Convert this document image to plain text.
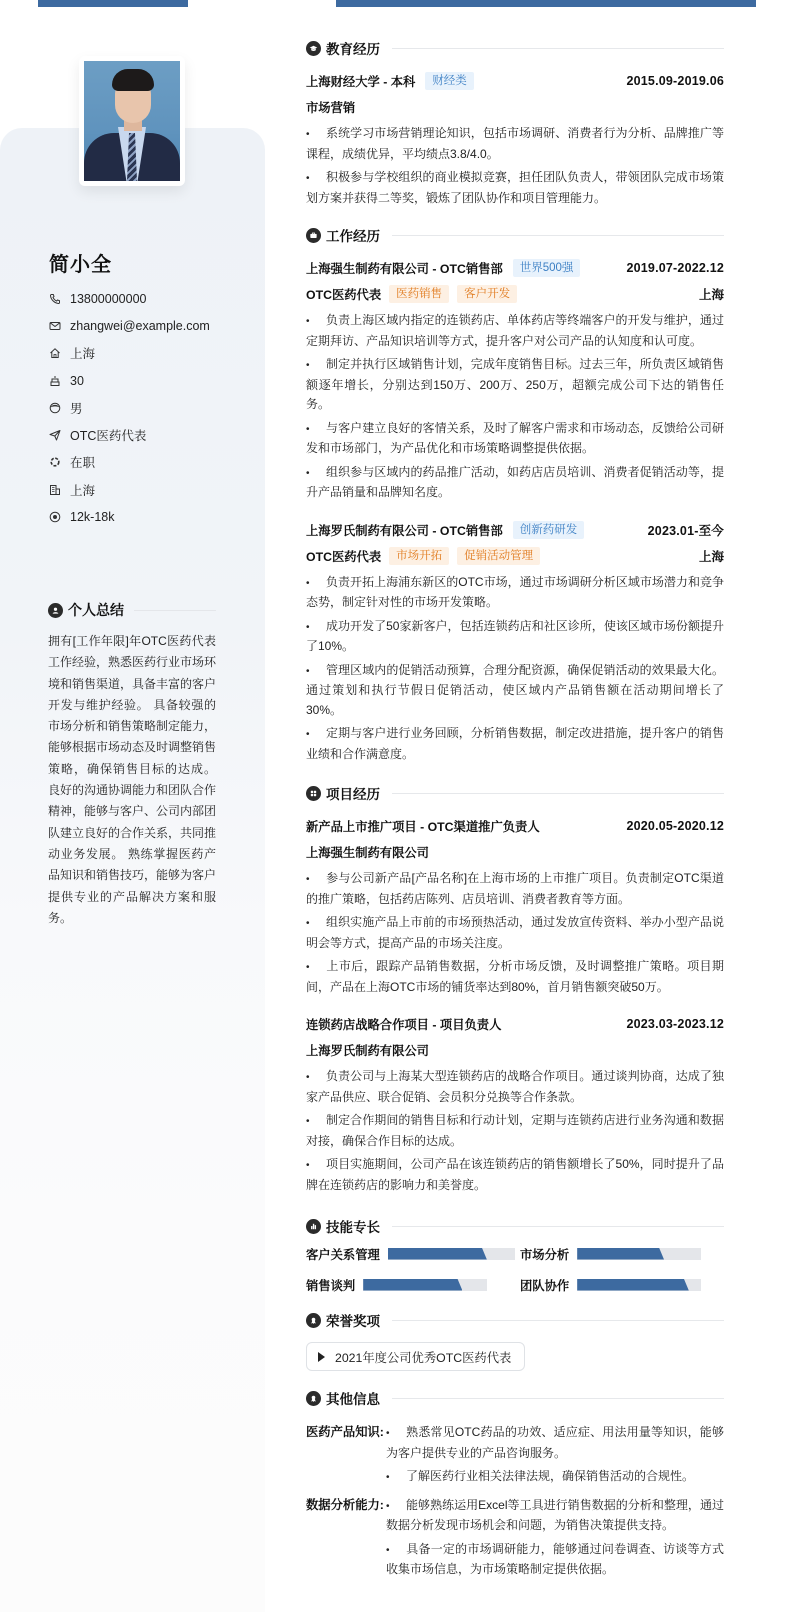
简小全
13800000000
zhangwei@example.com
上海
30
男
OTC医药代表
在职
上海
12k-18k
个人总结
拥有[工作年限]年OTC医药代表工作经验，熟悉医药行业市场环境和销售渠道，具备丰富的客户开发与维护经验。 具备较强的市场分析和销售策略制定能力，能够根据市场动态及时调整销售策略，确保销售目标的达成。 良好的沟通协调能力和团队合作精神，能够与客户、公司内部团队建立良好的合作关系，共同推动业务发展。 熟练掌握医药产品知识和销售技巧，能够为客户提供专业的产品解决方案和服务。
教育经历
上海财经大学 - 本科	财经类	2015.09-2019.06
市场营销
• 系统学习市场营销理论知识，包括市场调研、消费者行为分析、品牌推广等课程，成绩优异，平均绩点3.8/4.0。
• 积极参与学校组织的商业模拟竞赛，担任团队负责人，带领团队完成市场策划方案并获得二等奖，锻炼了团队协作和项目管理能力。
工作经历
上海强生制药有限公司 - OTC销售部	世界500强	2019.07-2022.12
OTC医药代表	医药销售	客户开发	上海
• 负责上海区域内指定的连锁药店、单体药店等终端客户的开发与维护，通过定期拜访、产品知识培训等方式，提升客户对公司产品的认知度和认可度。
• 制定并执行区域销售计划，完成年度销售目标。过去三年，所负责区域销售额逐年增长，分别达到150万、200万、250万，超额完成公司下达的销售任务。
• 与客户建立良好的客情关系，及时了解客户需求和市场动态，反馈给公司研发和市场部门，为产品优化和市场策略调整提供依据。
• 组织参与区域内的药品推广活动，如药店店员培训、消费者促销活动等，提升产品销量和品牌知名度。
上海罗氏制药有限公司 - OTC销售部	创新药研发	2023.01-至今
OTC医药代表	市场开拓	促销活动管理	上海
• 负责开拓上海浦东新区的OTC市场，通过市场调研分析区域市场潜力和竞争态势，制定针对性的市场开发策略。
• 成功开发了50家新客户，包括连锁药店和社区诊所，使该区域市场份额提升了10%。
• 管理区域内的促销活动预算，合理分配资源，确保促销活动的效果最大化。通过策划和执行节假日促销活动，使区域内产品销售额在活动期间增长了30%。
• 定期与客户进行业务回顾，分析销售数据，制定改进措施，提升客户的销售业绩和合作满意度。
项目经历
新产品上市推广项目 - OTC渠道推广负责人	2020.05-2020.12
上海强生制药有限公司
• 参与公司新产品[产品名称]在上海市场的上市推广项目。负责制定OTC渠道的推广策略，包括药店陈列、店员培训、消费者教育等方面。
• 组织实施产品上市前的市场预热活动，通过发放宣传资料、举办小型产品说明会等方式，提高产品的市场关注度。
• 上市后，跟踪产品销售数据，分析市场反馈，及时调整推广策略。项目期间，产品在上海OTC市场的铺货率达到80%，首月销售额突破50万。
连锁药店战略合作项目 - 项目负责人	2023.03-2023.12
上海罗氏制药有限公司
• 负责公司与上海某大型连锁药店的战略合作项目。通过谈判协商，达成了独家产品供应、联合促销、会员积分兑换等合作条款。
• 制定合作期间的销售目标和行动计划，定期与连锁药店进行业务沟通和数据对接，确保合作目标的达成。
• 项目实施期间，公司产品在该连锁药店的销售额增长了50%，同时提升了品牌在连锁药店的影响力和美誉度。
技能专长
客户关系管理	市场分析
销售谈判	团队协作
荣誉奖项
2021年度公司优秀OTC医药代表
其他信息
医药产品知识: • 熟悉常见OTC药品的功效、适应症、用法用量等知识，能够为客户提供专业的产品咨询服务。
• 了解医药行业相关法律法规，确保销售活动的合规性。
数据分析能力: • 能够熟练运用Excel等工具进行销售数据的分析和整理，通过数据分析发现市场机会和问题，为销售决策提供支持。
• 具备一定的市场调研能力，能够通过问卷调查、访谈等方式收集市场信息，为市场策略制定提供依据。
